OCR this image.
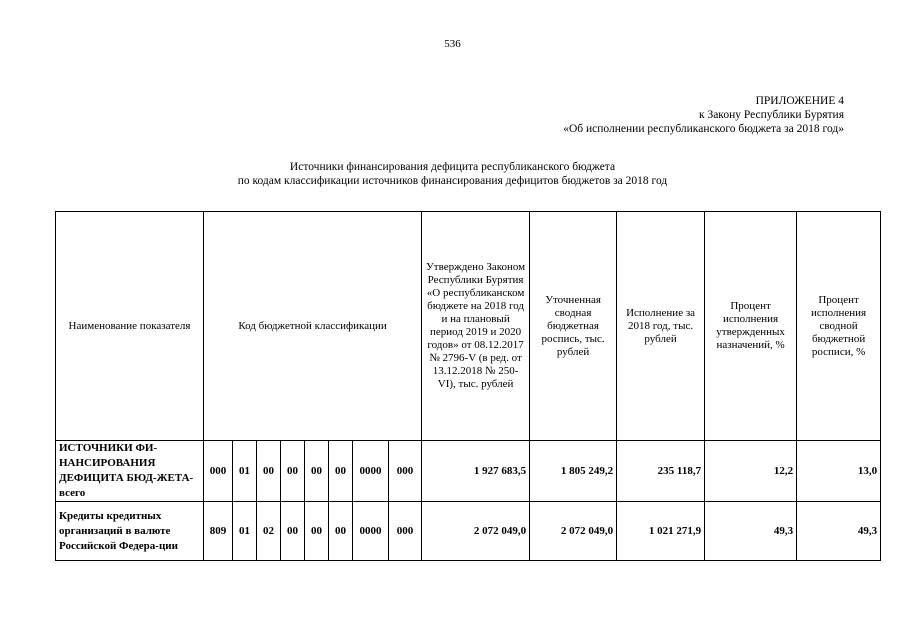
536
ПРИЛОЖЕНИЕ 4
к Закону Республики Бурятия
«Об исполнении республиканского бюджета за 2018 год»
Источники финансирования дефицита республиканского бюджета
по кодам классификации источников финансирования дефицитов бюджетов за 2018 год
Наименование показателя	Код бюджетной классификации								Утверждено Законом Республики Бурятия «О республиканском бюджете на 2018 год и на плановый период 2019 и 2020 годов» от 08.12.2017 № 2796-V (в ред. от 13.12.2018 № 250-VI), тыс. рублей	Уточненная сводная бюджетная роспись, тыс. рублей	Исполнение за 2018 год, тыс. рублей	Процент исполнения утвержденных назначений, %	Процент исполнения сводной бюджетной росписи, %
ИСТОЧНИКИ ФИ-НАНСИРОВАНИЯ ДЕФИЦИТА БЮД-ЖЕТА-всего	000	01	00	00	00	00	0000	000	1 927 683,5	1 805 249,2	235 118,7	12,2	13,0
Кредиты кредитных организаций в валюте Российской Федера-ции	809	01	02	00	00	00	0000	000	2 072 049,0	2 072 049,0	1 021 271,9	49,3	49,3
